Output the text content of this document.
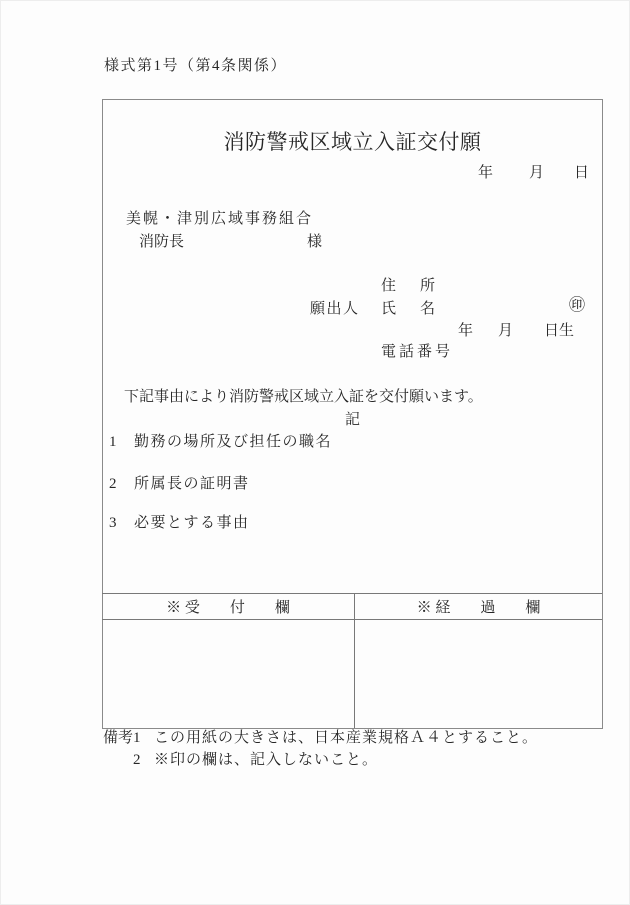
様式第1号（第4条関係）
消防警戒区域立入証交付願
年 月 日
美幌・津別広域事務組合
消防長	様
住　所
願出人 氏　名	㊞
年 月 日生
電話番号
下記事由により消防警戒区域立入証を交付願います。
記
1 勤務の場所及び担任の職名
2 所属長の証明書
3 必要とする事由
※ 受　　付　　欄	※ 経　　過　　欄
備考 1 この用紙の大きさは、日本産業規格Ａ４とすること。
2 ※印の欄は、記入しないこと。
